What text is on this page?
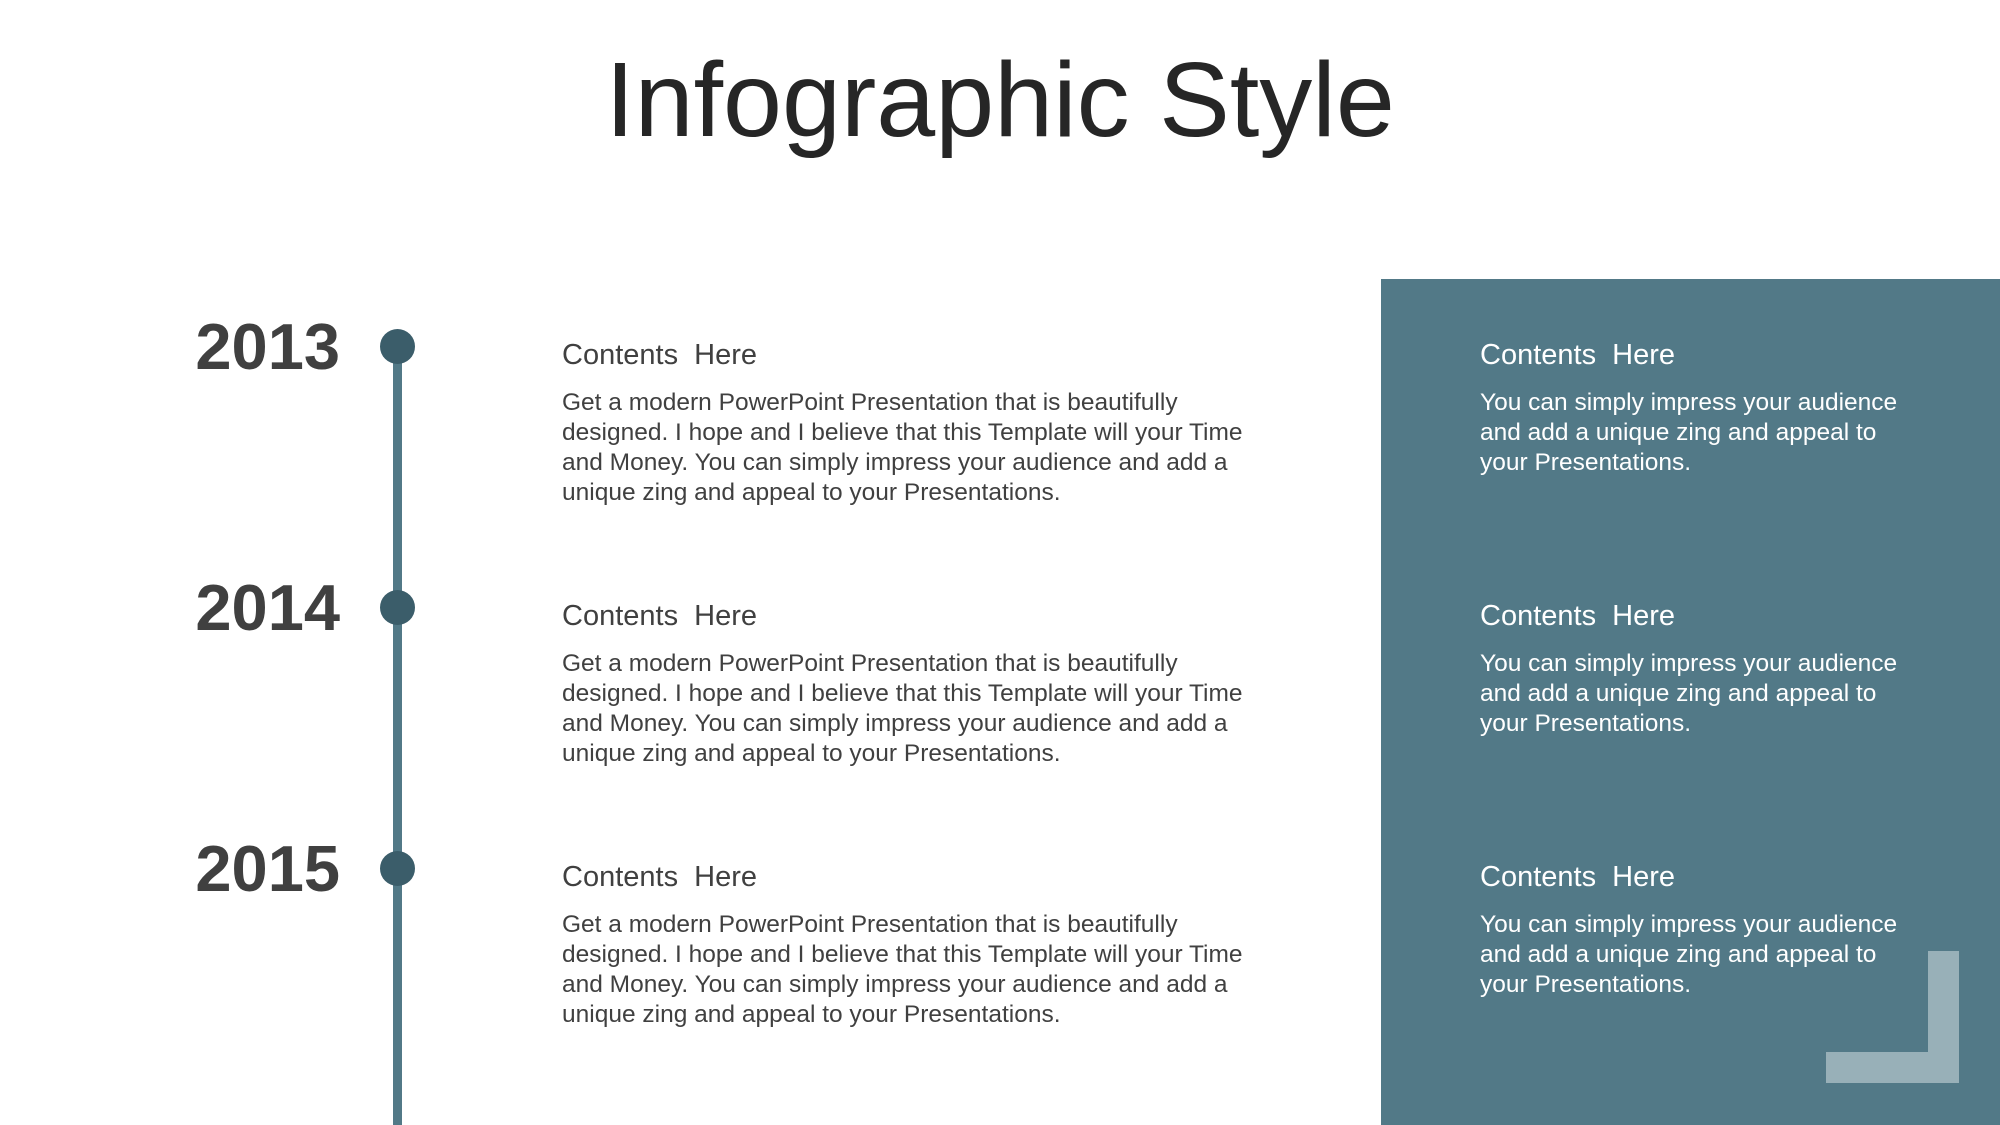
Infographic Style
2013	Contents  Here

Get a modern PowerPoint Presentation that is beautifully designed. I hope and I believe that this Template will your Time and Money. You can simply impress your audience and add a unique zing and appeal to your Presentations.

Contents  Here

You can simply impress your audience and add a unique zing and appeal to your Presentations.

2014	Contents  Here

Get a modern PowerPoint Presentation that is beautifully designed. I hope and I believe that this Template will your Time and Money. You can simply impress your audience and add a unique zing and appeal to your Presentations.

Contents  Here

You can simply impress your audience and add a unique zing and appeal to your Presentations.

2015	Contents  Here

Get a modern PowerPoint Presentation that is beautifully designed. I hope and I believe that this Template will your Time and Money. You can simply impress your audience and add a unique zing and appeal to your Presentations.

Contents  Here

You can simply impress your audience and add a unique zing and appeal to your Presentations.
